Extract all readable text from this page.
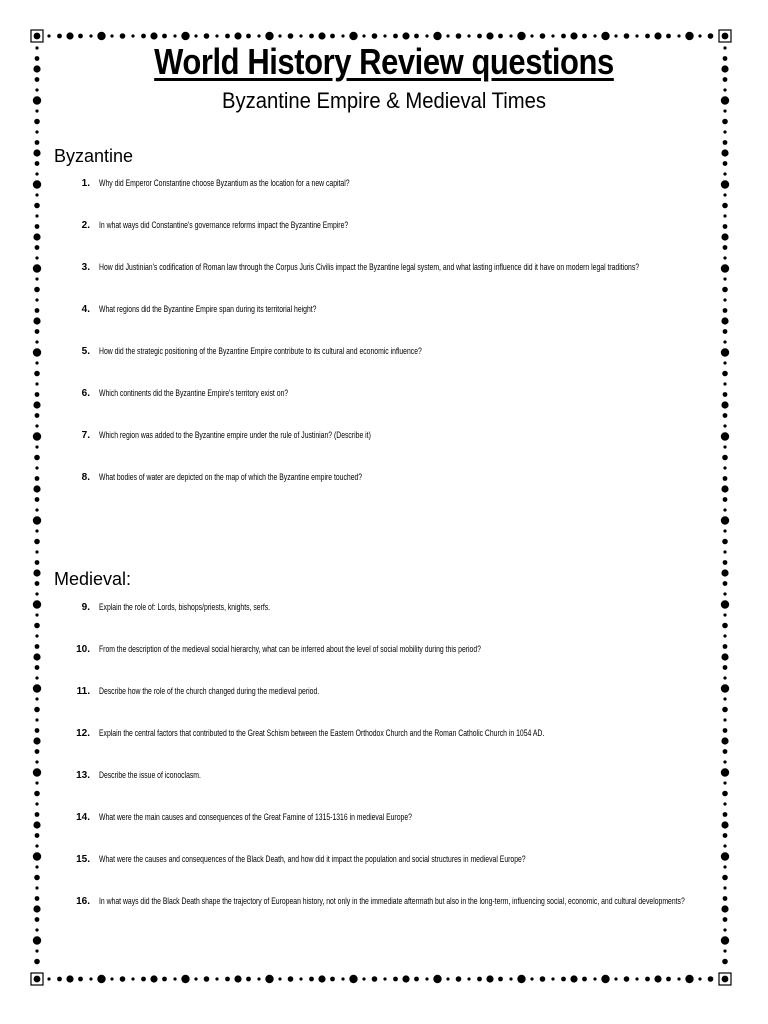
World History Review questions
Byzantine Empire & Medieval Times
Byzantine
Medieval:
1. Why did Emperor Constantine choose Byzantium as the location for a new capital?
2. In what ways did Constantine's governance reforms impact the Byzantine Empire?
3. How did Justinian's codification of Roman law through the Corpus Juris Civilis impact the Byzantine legal system, and what lasting influence did it have on modern legal traditions?
4. What regions did the Byzantine Empire span during its territorial height?
5. How did the strategic positioning of the Byzantine Empire contribute to its cultural and economic influence?
6. Which continents did the Byzantine Empire's territory exist on?
7. Which region was added to the Byzantine empire under the rule of Justinian? (Describe it)
8. What bodies of water are depicted on the map of which the Byzantine empire touched?
9. Explain the role of: Lords, bishops/priests, knights, serfs.
10. From the description of the medieval social hierarchy, what can be inferred about the level of social mobility during this period?
11. Describe how the role of the church changed during the medieval period.
12. Explain the central factors that contributed to the Great Schism between the Eastern Orthodox Church and the Roman Catholic Church in 1054 AD.
13. Describe the issue of iconoclasm.
14. What were the main causes and consequences of the Great Famine of 1315-1316 in medieval Europe?
15. What were the causes and consequences of the Black Death, and how did it impact the population and social structures in medieval Europe?
16. In what ways did the Black Death shape the trajectory of European history, not only in the immediate aftermath but also in the long-term, influencing social, economic, and cultural developments?
